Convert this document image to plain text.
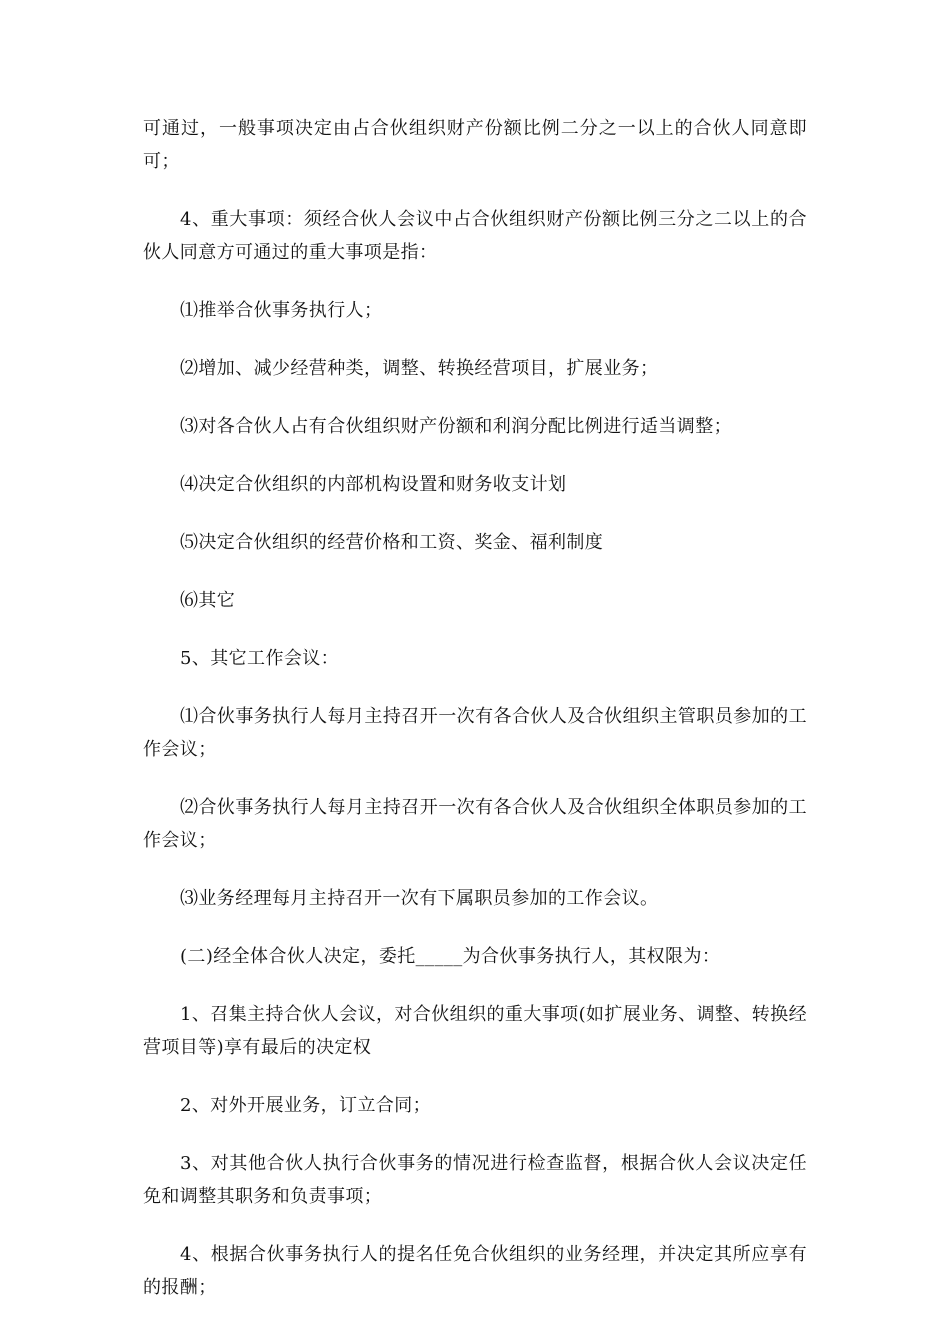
可通过，一般事项决定由占合伙组织财产份额比例二分之一以上的合伙人同意即可；

4、重大事项：须经合伙人会议中占合伙组织财产份额比例三分之二以上的合伙人同意方可通过的重大事项是指：

⑴推举合伙事务执行人；

⑵增加、减少经营种类，调整、转换经营项目，扩展业务；

⑶对各合伙人占有合伙组织财产份额和利润分配比例进行适当调整；

⑷决定合伙组织的内部机构设置和财务收支计划

⑸决定合伙组织的经营价格和工资、奖金、福利制度

⑹其它

5、其它工作会议：

⑴合伙事务执行人每月主持召开一次有各合伙人及合伙组织主管职员参加的工作会议；

⑵合伙事务执行人每月主持召开一次有各合伙人及合伙组织全体职员参加的工作会议；

⑶业务经理每月主持召开一次有下属职员参加的工作会议。

(二)经全体合伙人决定，委托_____为合伙事务执行人，其权限为：

1、召集主持合伙人会议，对合伙组织的重大事项(如扩展业务、调整、转换经营项目等)享有最后的决定权

2、对外开展业务，订立合同；

3、对其他合伙人执行合伙事务的情况进行检查监督，根据合伙人会议决定任免和调整其职务和负责事项；

4、根据合伙事务执行人的提名任免合伙组织的业务经理，并决定其所应享有的报酬；
